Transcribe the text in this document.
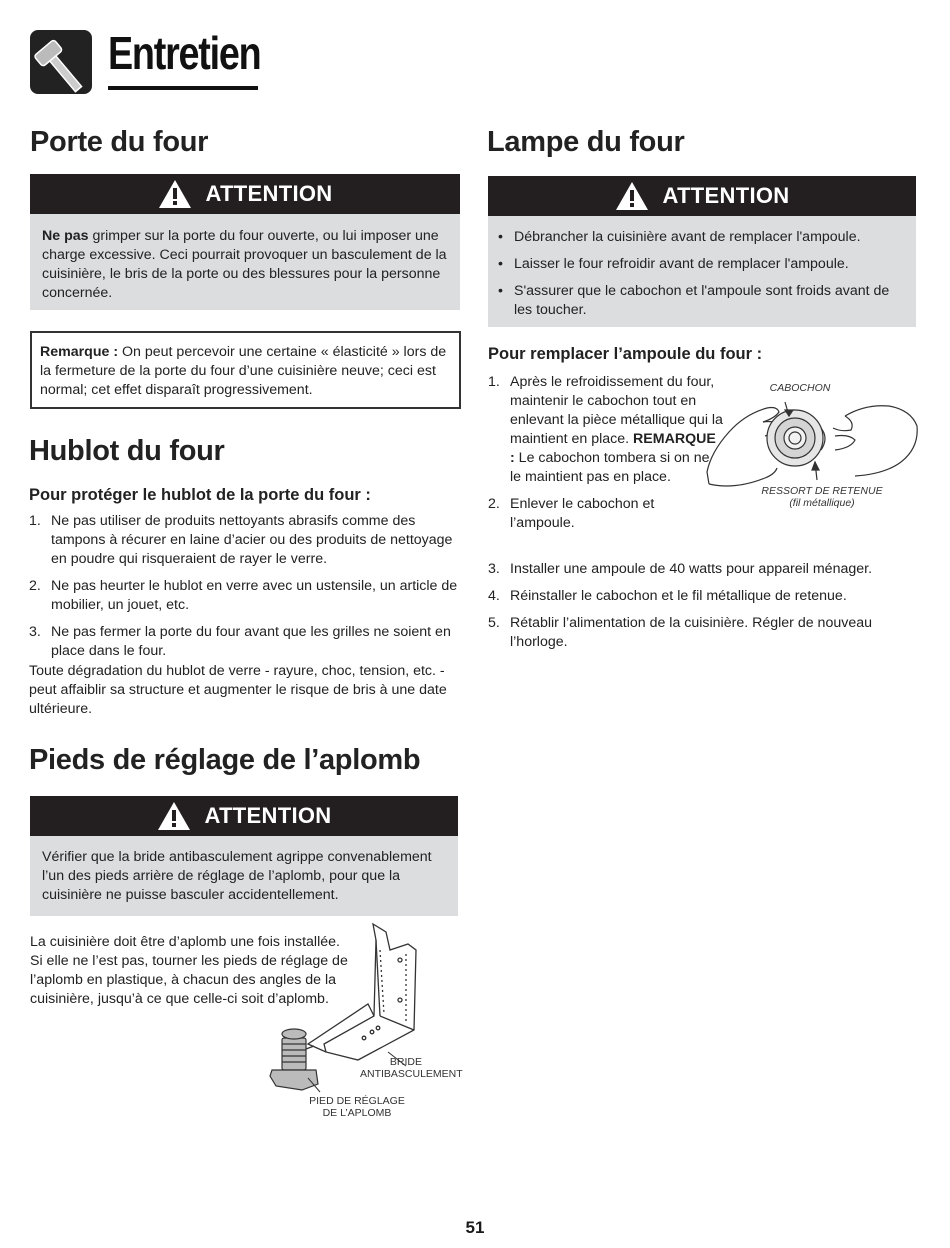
Entretien
Porte du four
ATTENTION
Ne pas grimper sur la porte du four ouverte, ou lui imposer une charge excessive. Ceci pourrait provoquer un basculement de la cuisinière, le bris de la porte ou des blessures pour la personne concernée.
Remarque : On peut percevoir une certaine « élasticité » lors de la fermeture de la porte du four d’une cuisinière neuve; ceci est normal; cet effet disparaît progressivement.
Hublot du four
Pour protéger le hublot de la porte du four :
1. Ne pas utiliser de produits nettoyants abrasifs comme des tampons à récurer en laine d’acier ou des produits de nettoyage en poudre qui risqueraient de rayer le verre.
2. Ne pas heurter le hublot en verre avec un ustensile, un article de mobilier, un jouet, etc.
3. Ne pas fermer la porte du four avant que les grilles ne soient en place dans le four.
Toute dégradation du hublot de verre - rayure, choc, tension, etc. - peut affaiblir sa structure et augmenter le risque de bris à une date ultérieure.
Pieds de réglage de l’aplomb
ATTENTION
Vérifier que la bride antibasculement agrippe convenablement l’un des pieds arrière de réglage de l’aplomb, pour que la cuisinière ne puisse basculer accidentellement.
La cuisinière doit être d’aplomb une fois installée. Si elle ne l’est pas, tourner les pieds de réglage de l’aplomb en plastique, à chacun des angles de la cuisinière, jusqu’à ce que celle-ci soit d’aplomb.
BRIDE
ANTIBASCULEMENT
PIED DE RÉGLAGE
DE L’APLOMB
Lampe du four
ATTENTION
• Débrancher la cuisinière avant de remplacer l'ampoule.
• Laisser le four refroidir avant de remplacer l'ampoule.
• S'assurer que le cabochon et l'ampoule sont froids avant de les toucher.
Pour remplacer l’ampoule du four :
1. Après le refroidissement du four, maintenir le cabochon tout en enlevant la pièce métallique qui la maintient en place. REMARQUE : Le cabochon tombera si on ne le maintient pas en place.
2. Enlever le cabochon et l’ampoule.
3. Installer une ampoule de 40 watts pour appareil ménager.
4. Réinstaller le cabochon et le fil métallique de retenue.
5. Rétablir l’alimentation de la cuisinière. Régler de nouveau l’horloge.
CABOCHON
RESSORT DE RETENUE
(fil métallique)
51
